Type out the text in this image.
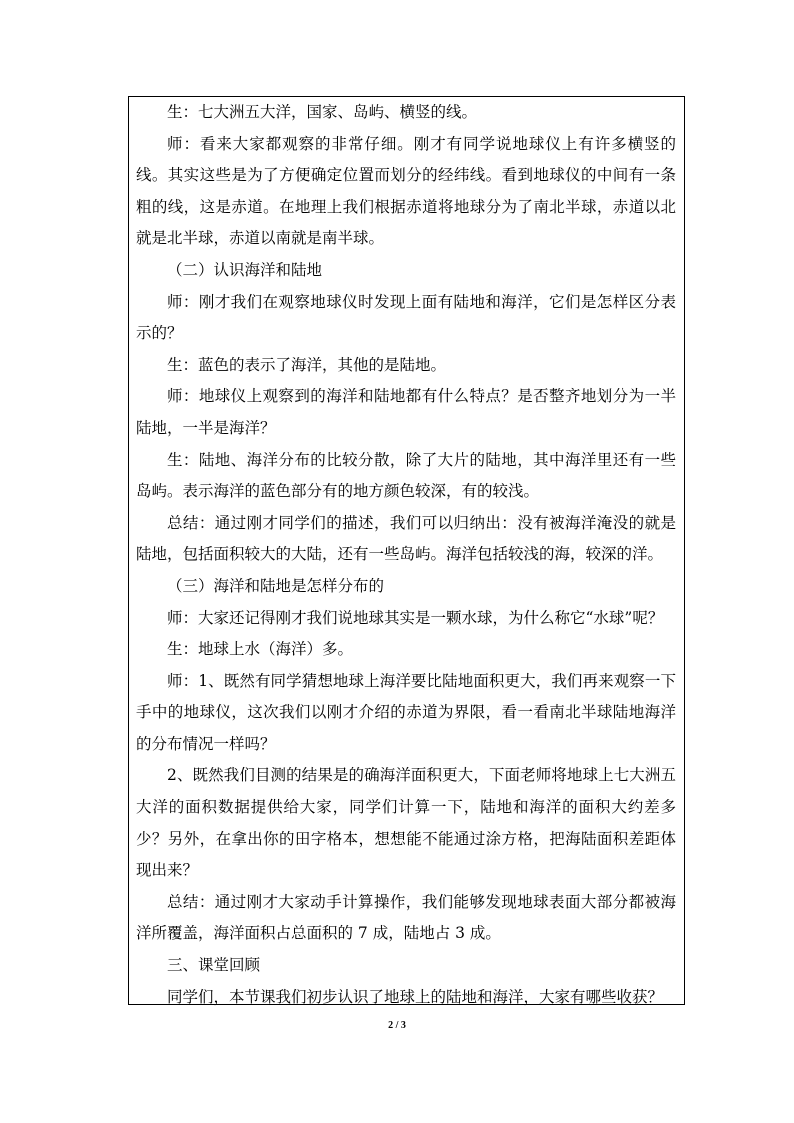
生：七大洲五大洋，国家、岛屿、横竖的线。

师：看来大家都观察的非常仔细。刚才有同学说地球仪上有许多横竖的线。其实这些是为了方便确定位置而划分的经纬线。看到地球仪的中间有一条粗的线，这是赤道。在地理上我们根据赤道将地球分为了南北半球，赤道以北就是北半球，赤道以南就是南半球。

（二）认识海洋和陆地

师：刚才我们在观察地球仪时发现上面有陆地和海洋，它们是怎样区分表示的？

生：蓝色的表示了海洋，其他的是陆地。

师：地球仪上观察到的海洋和陆地都有什么特点？是否整齐地划分为一半陆地，一半是海洋？

生：陆地、海洋分布的比较分散，除了大片的陆地，其中海洋里还有一些岛屿。表示海洋的蓝色部分有的地方颜色较深，有的较浅。

总结：通过刚才同学们的描述，我们可以归纳出：没有被海洋淹没的就是陆地，包括面积较大的大陆，还有一些岛屿。海洋包括较浅的海，较深的洋。

（三）海洋和陆地是怎样分布的

师：大家还记得刚才我们说地球其实是一颗水球，为什么称它“水球”呢？

生：地球上水（海洋）多。

师：1、既然有同学猜想地球上海洋要比陆地面积更大，我们再来观察一下手中的地球仪，这次我们以刚才介绍的赤道为界限，看一看南北半球陆地海洋的分布情况一样吗？

2、既然我们目测的结果是的确海洋面积更大，下面老师将地球上七大洲五大洋的面积数据提供给大家，同学们计算一下，陆地和海洋的面积大约差多少？另外，在拿出你的田字格本，想想能不能通过涂方格，把海陆面积差距体现出来？

总结：通过刚才大家动手计算操作，我们能够发现地球表面大部分都被海洋所覆盖，海洋面积占总面积的 7 成，陆地占 3 成。

三、课堂回顾

同学们，本节课我们初步认识了地球上的陆地和海洋，大家有哪些收获？

2 / 3
